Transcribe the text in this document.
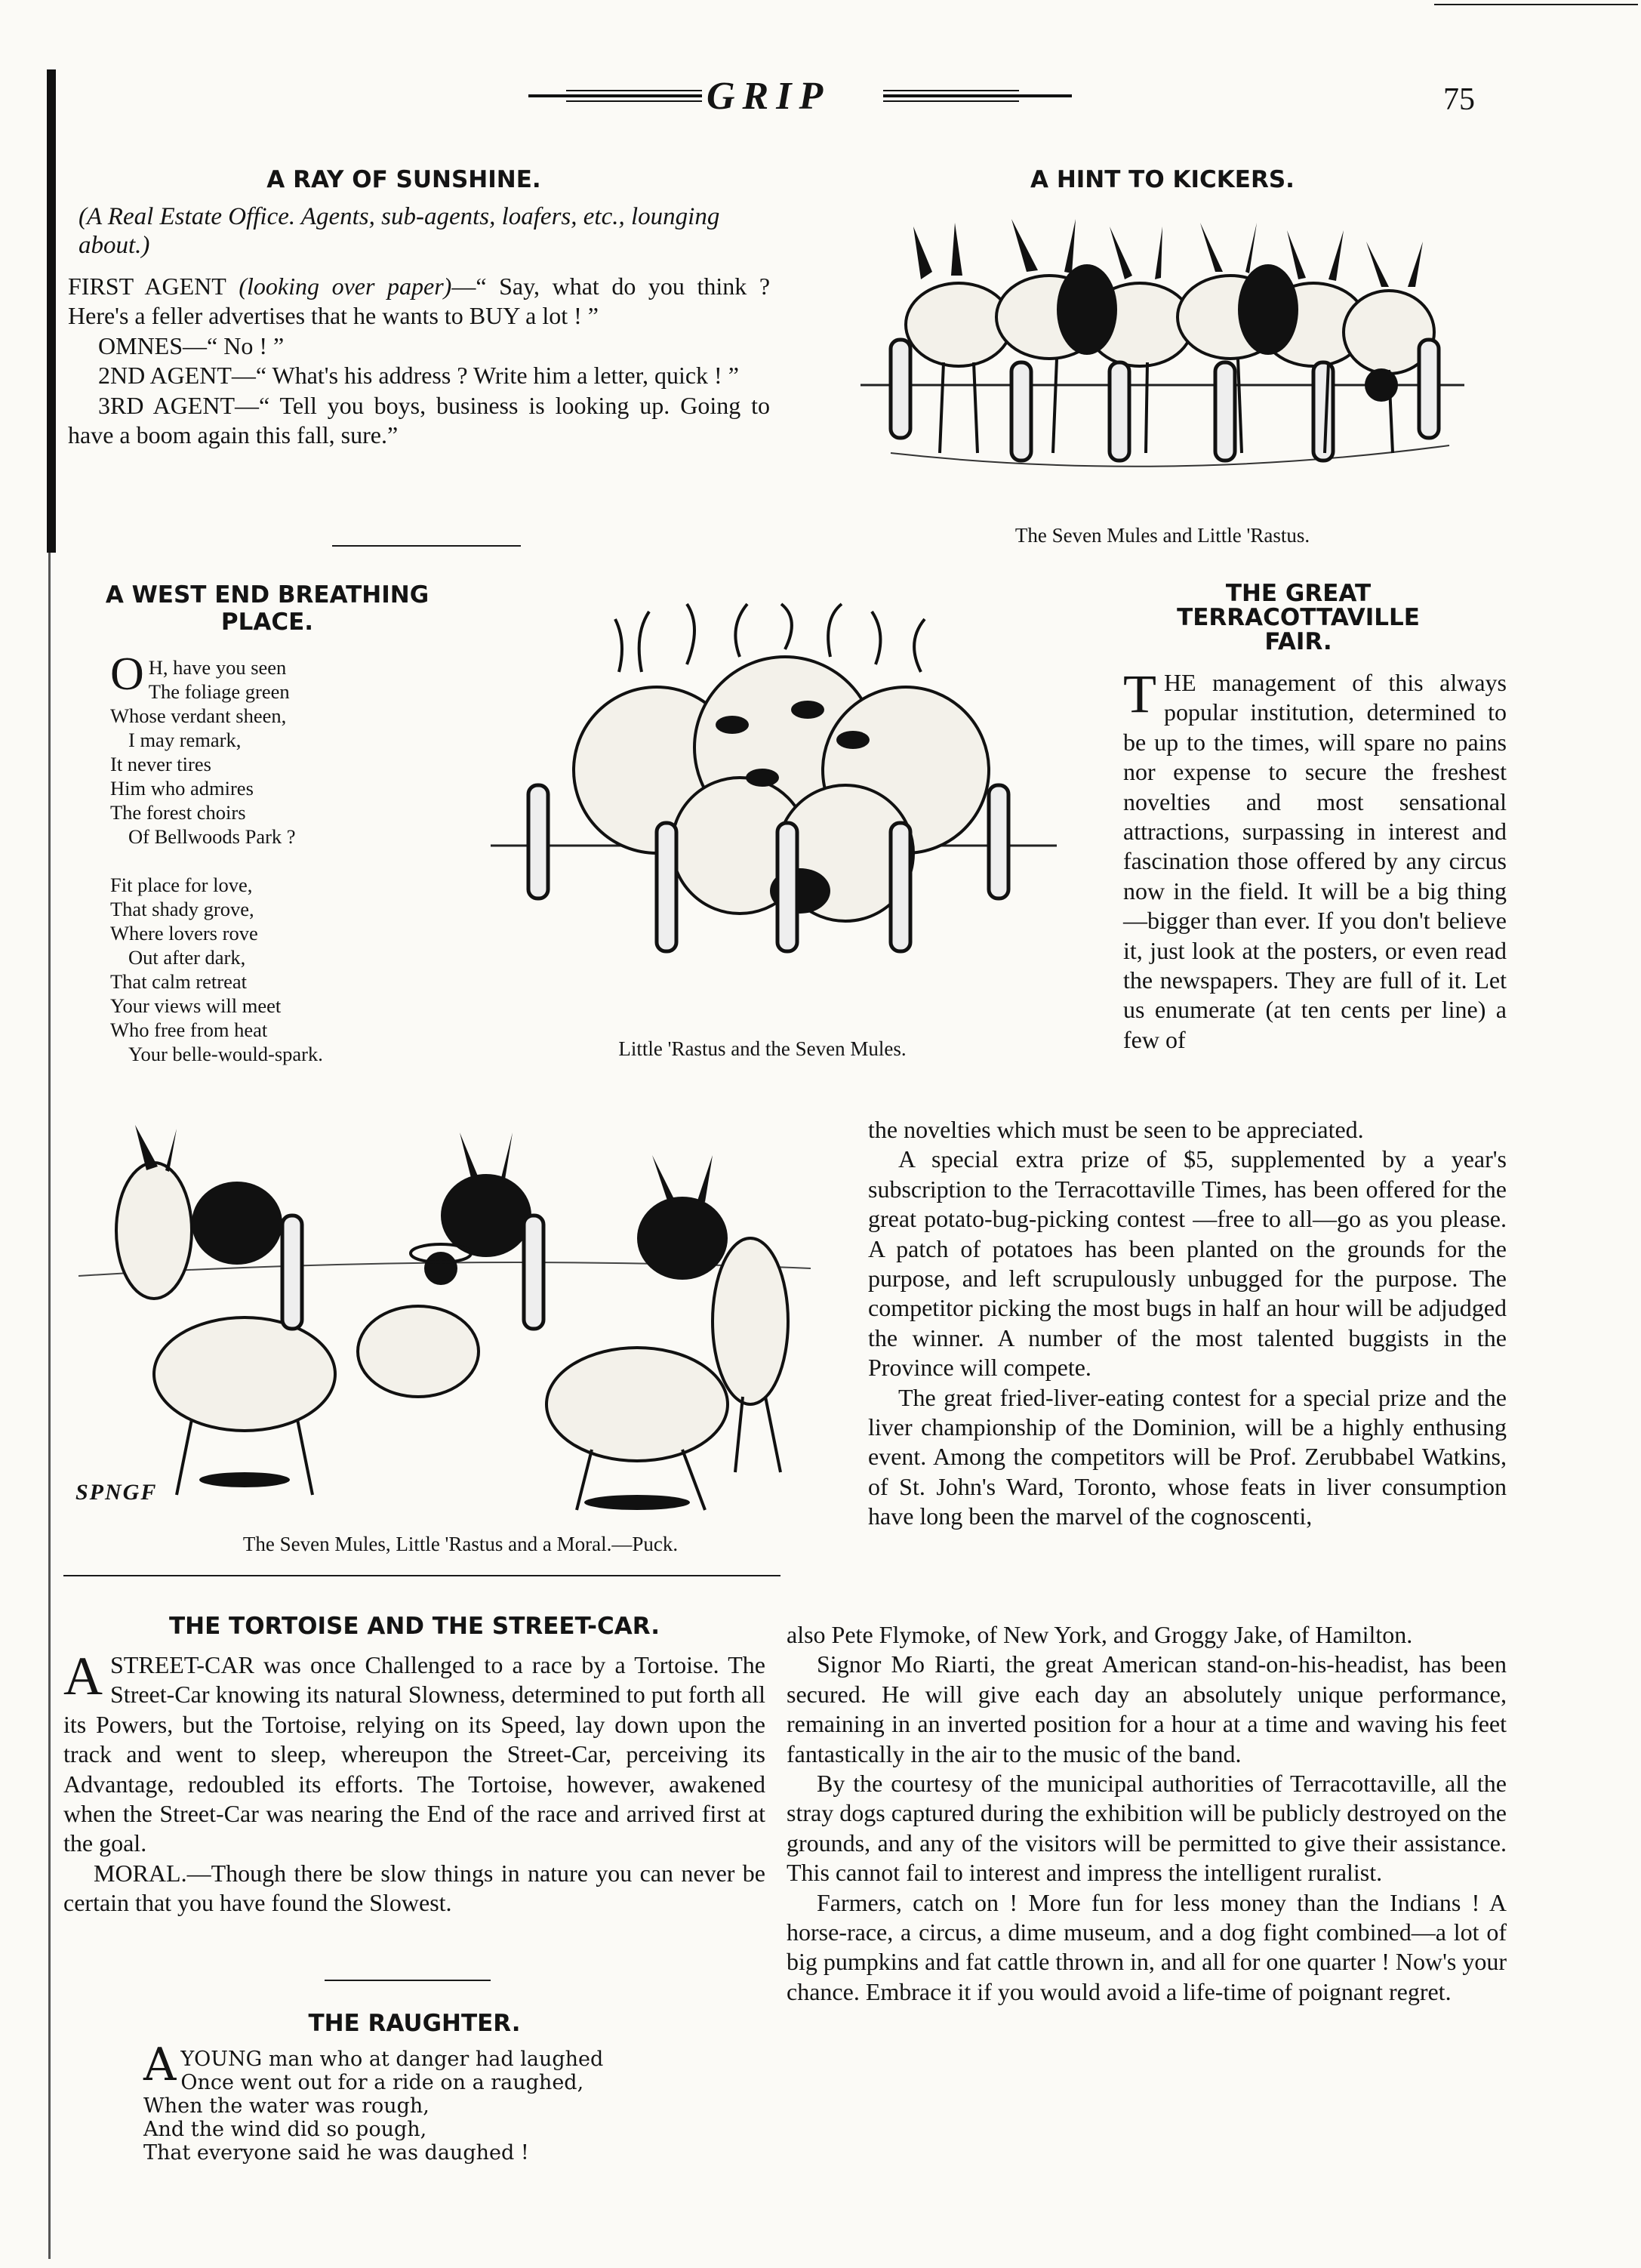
GRIP	75
A RAY OF SUNSHINE.
(A Real Estate Office. Agents, sub-agents, loafers, etc., lounging about.)

FIRST AGENT (looking over paper)—“ Say, what do you think ? Here's a feller advertises that he wants to BUY a lot ! ”

OMNES—“ No ! ”

2ND AGENT—“ What's his address ? Write him a letter, quick ! ”

3RD AGENT—“ Tell you boys, business is looking up. Going to have a boom again this fall, sure.”

A HINT TO KICKERS.
The Seven Mules and Little 'Rastus.
A WEST END BREATHING
PLACE.
O H, have you seen
The foliage green
Whose verdant sheen,
I may remark,
It never tires
Him who admires
The forest choirs
Of Bellwoods Park ?
Fit place for love,
That shady grove,
Where lovers rove
Out after dark,
That calm retreat
Your views will meet
Who free from heat
Your belle-would-spark.	Little 'Rastus and the Seven Mules.
THE GREAT
TERRACOTTAVILLE
FAIR.

THE management of this always popular institution, determined to be up to the times, will spare no pains nor expense to secure the freshest novelties and most sensational attractions, surpassing in interest and fascination those offered by any circus now in the field. It will be a big thing—bigger than ever. If you don't believe it, just look at the posters, or even read the newspapers. They are full of it. Let us enumerate (at ten cents per line) a few of

the novelties which must be seen to be appreciated.

A special extra prize of $5, supplemented by a year's subscription to the Terracottaville Times, has been offered for the great potato-bug-picking contest —free to all—go as you please. A patch of potatoes has been planted on the grounds for the purpose, and left scrupulously unbugged for the purpose. The competitor picking the most bugs in half an hour will be adjudged the winner. A number of the most talented buggists in the Province will compete.

The great fried-liver-eating contest for a special prize and the liver championship of the Dominion, will be a highly enthusing event. Among the competitors will be Prof. Zerubbabel Watkins, of St. John's Ward, Toronto, whose feats in liver consumption have long been the marvel of the cognoscenti,

also Pete Flymoke, of New York, and Groggy Jake, of Hamilton.

Signor Mo Riarti, the great American stand-on-his-headist, has been secured. He will give each day an absolutely unique performance, remaining in an inverted position for a hour at a time and waving his feet fantastically in the air to the music of the band.

By the courtesy of the municipal authorities of Terracottaville, all the stray dogs captured during the exhibition will be publicly destroyed on the grounds, and any of the visitors will be permitted to give their assistance. This cannot fail to interest and impress the intelligent ruralist.

Farmers, catch on ! More fun for less money than the Indians ! A horse-race, a circus, a dime museum, and a dog fight combined—a lot of big pumpkins and fat cattle thrown in, and all for one quarter ! Now's your chance. Embrace it if you would avoid a life-time of poignant regret.

SPNGF
The Seven Mules, Little 'Rastus and a Moral.—Puck.
THE TORTOISE AND THE STREET-CAR.

A STREET-CAR was once Challenged to a race by a Tortoise. The Street-Car knowing its natural Slowness, determined to put forth all its Powers, but the Tortoise, relying on its Speed, lay down upon the track and went to sleep, whereupon the Street-Car, perceiving its Advantage, redoubled its efforts. The Tortoise, however, awakened when the Street-Car was nearing the End of the race and arrived first at the goal.

MORAL.—Though there be slow things in nature you can never be certain that you have found the Slowest.

THE RAUGHTER.
A YOUNG man who at danger had laughed
Once went out for a ride on a raughed,
When the water was rough,
And the wind did so pough,
That everyone said he was daughed !
